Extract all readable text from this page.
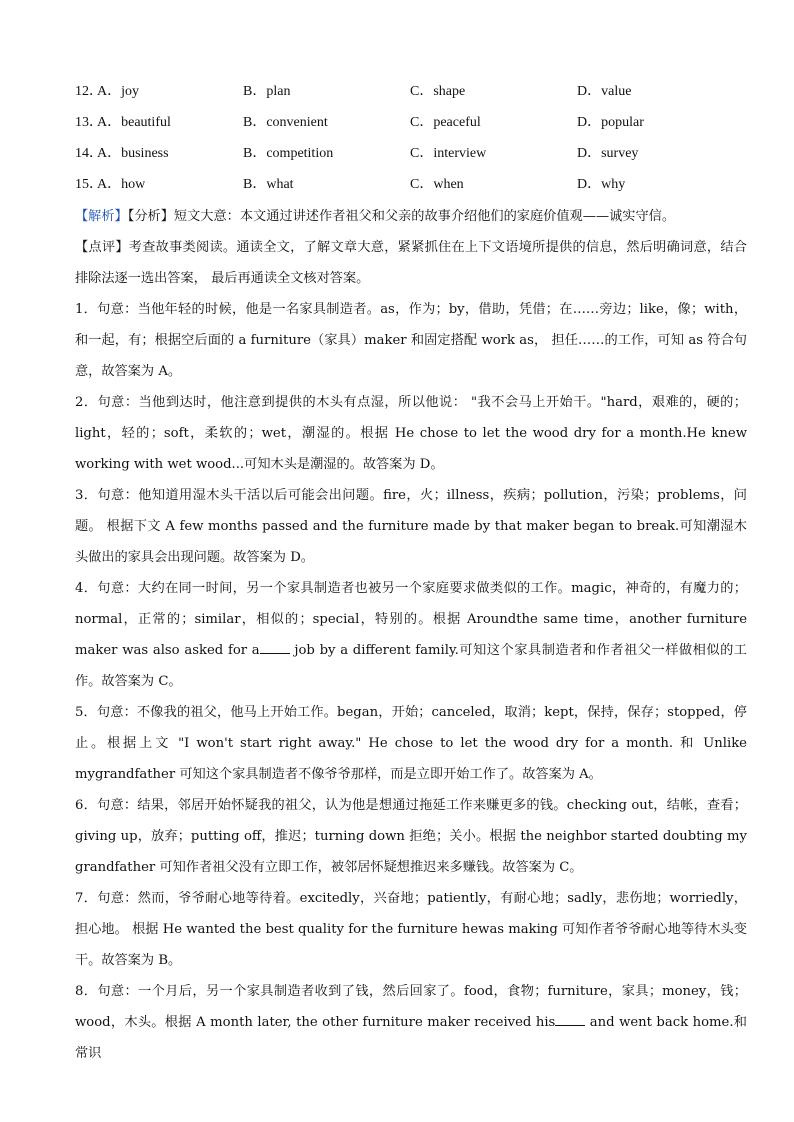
12．
A．joy	B．plan	C．shape	D．value
13．
A．beautiful	B．convenient	C．peaceful	D．popular
14．
A．business	B．competition	C．interview	D．survey
15．
A．how	B．what	C．when	D．why

【解析】【分析】短文大意：本文通过讲述作者祖父和父亲的故事介绍他们的家庭价值观——诚实守信。

【点评】考查故事类阅读。通读全文，了解文章大意，紧紧抓住在上下文语境所提供的信息，然后明确词意，结合排除法逐一选出答案， 最后再通读全文核对答案。

1．句意：当他年轻的时候，他是一名家具制造者。as，作为；by，借助，凭借；在……旁边；like，像；with，和一起，有；根据空后面的 a furniture（家具）maker 和固定搭配 work as， 担任……的工作，可知 as 符合句意，故答案为 A。

2．句意：当他到达时，他注意到提供的木头有点湿，所以他说： "我不会马上开始干。"hard，艰难的，硬的；light，轻的；soft，柔软的；wet，潮湿的。根据 He chose to let the wood dry for a month.He knew working with wet wood...可知木头是潮湿的。故答案为 D。

3．句意：他知道用湿木头干活以后可能会出问题。fire，火；illness，疾病；pollution，污染；problems，问题。 根据下文 A few months passed and the furniture made by that maker began to break.可知潮湿木头做出的家具会出现问题。故答案为 D。

4．句意：大约在同一时间，另一个家具制造者也被另一个家庭要求做类似的工作。magic，神奇的，有魔力的；normal，正常的；similar，相似的；special，特别的。根据 Aroundthe same time，another furniture maker was also asked for a job by a different family.可知这个家具制造者和作者祖父一样做相似的工作。故答案为 C。

5．句意：不像我的祖父，他马上开始工作。began，开始；canceled，取消；kept，保持，保存；stopped，停止。根据上文 "I won't start right away." He chose to let the wood dry for a month. 和 Unlike mygrandfather 可知这个家具制造者不像爷爷那样，而是立即开始工作了。故答案为 A。

6．句意：结果，邻居开始怀疑我的祖父，认为他是想通过拖延工作来赚更多的钱。checking out，结帐，查看；giving up，放弃；putting off，推迟；turning down 拒绝；关小。根据 the neighbor started doubting my grandfather 可知作者祖父没有立即工作，被邻居怀疑想推迟来多赚钱。故答案为 C。

7．句意：然而，爷爷耐心地等待着。excitedly，兴奋地；patiently，有耐心地；sadly，悲伤地；worriedly，担心地。 根据 He wanted the best quality for the furniture hewas making 可知作者爷爷耐心地等待木头变干。故答案为 B。

8．句意：一个月后，另一个家具制造者收到了钱，然后回家了。food，食物；furniture，家具；money，钱；wood，木头。根据 A month later, the other furniture maker received his and went back home.和常识
